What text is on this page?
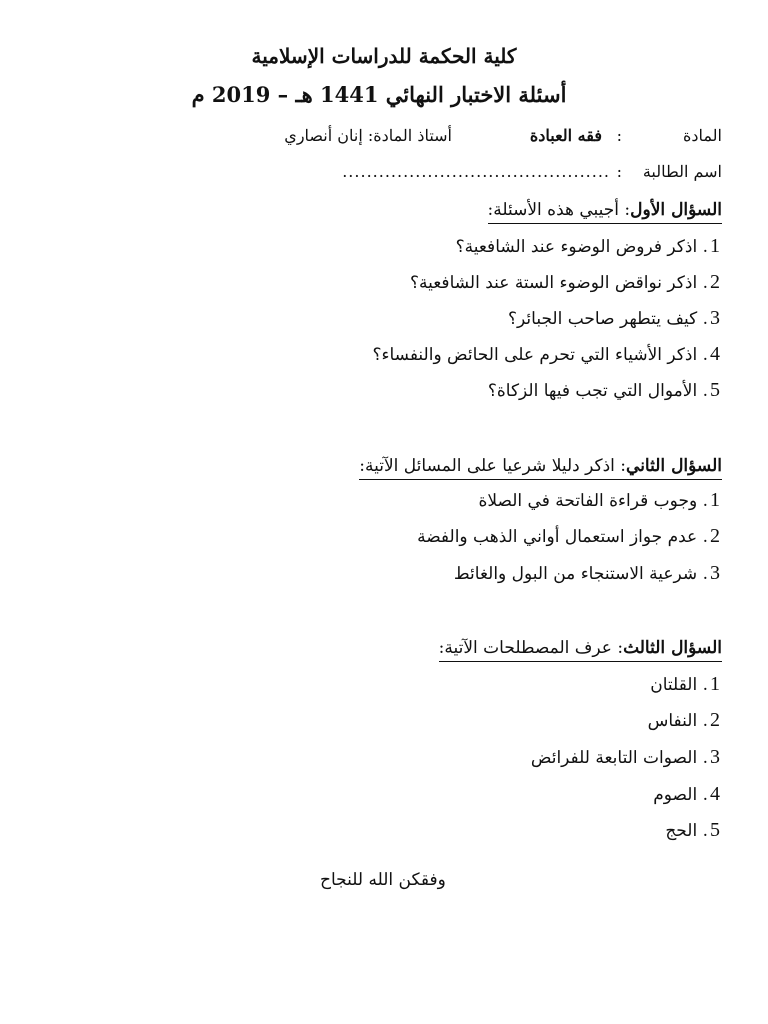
كلية الحكمة للدراسات الإسلامية
أسئلة الاختبار النهائي 1441 هـ – 2019 م
المادة
:
فقه العبادة
أستاذ المادة: إنان أنصاري
اسم الطالبة
:
............................................
السؤال الأول: أجيبي هذه الأسئلة:
1. اذكر فروض الوضوء عند الشافعية؟
2. اذكر نواقض الوضوء الستة عند الشافعية؟
3. كيف يتطهر صاحب الجبائر؟
4. اذكر الأشياء التي تحرم على الحائض والنفساء؟
5. الأموال التي تجب فيها الزكاة؟
السؤال الثاني: اذكر دليلا شرعيا على المسائل الآتية:
1. وجوب قراءة الفاتحة في الصلاة
2. عدم جواز استعمال أواني الذهب والفضة
3. شرعية الاستنجاء من البول والغائط
السؤال الثالث: عرف المصطلحات الآتية:
1. القلتان
2. النفاس
3. الصوات التابعة للفرائض
4. الصوم
5. الحج
وفقكن الله للنجاح
